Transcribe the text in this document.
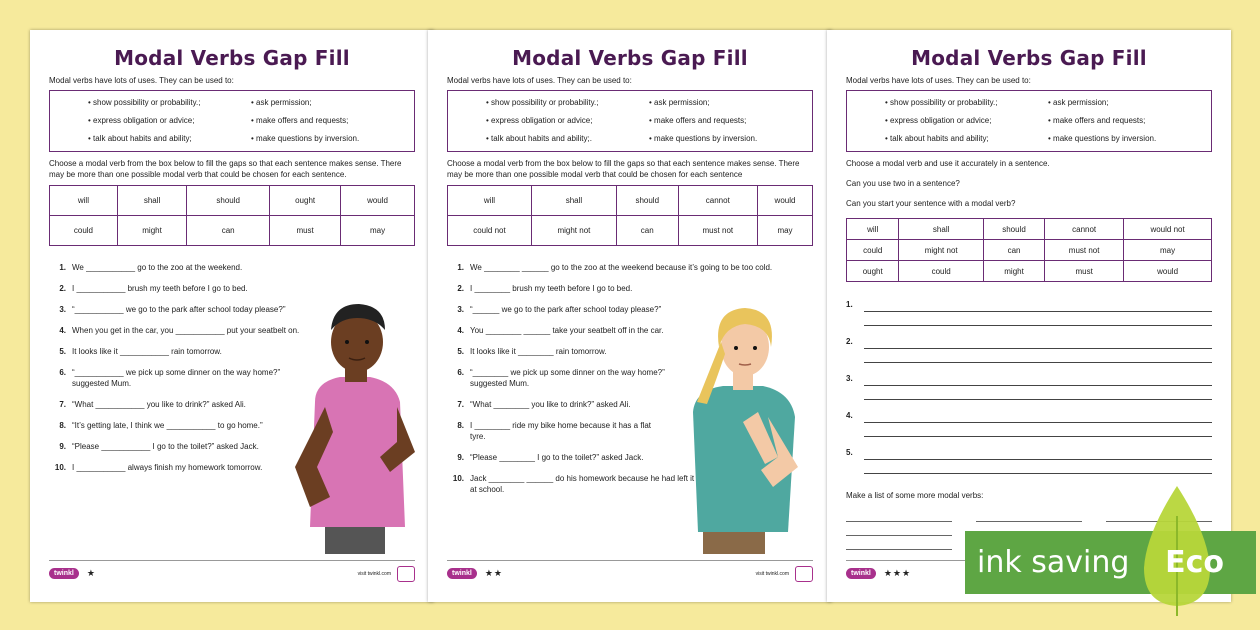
Modal Verbs Gap Fill

Modal verbs have lots of uses. They can be used to:

• show possibility or probability.;	• ask permission;
• express obligation or advice;	• make offers and requests;
• talk about habits and ability;	• make questions by inversion.

Choose a modal verb from the box below to fill the gaps so that each sentence makes sense. There may be more than one possible modal verb that could be chosen for each sentence.

will	shall	should	ought	would
could	might	can	must	may
1. We ___________ go to the zoo at the weekend.
2. I ___________ brush my teeth before I go to bed.
3. “___________ we go to the park after school today please?”
4. When you get in the car, you ___________ put your seatbelt on.
5. It looks like it ___________ rain tomorrow.
6. “___________ we pick up some dinner on the way home?” suggested Mum.
7. “What ___________ you like to drink?” asked Ali.
8. “It’s getting late, I think we ___________ to go home.”
9. “Please ___________ I go to the toilet?” asked Jack.
10. I ___________ always finish my homework tomorrow.
twinkl	★	visit twinkl.com
Modal Verbs Gap Fill

Modal verbs have lots of uses. They can be used to:

• show possibility or probability.;	• ask permission;
• express obligation or advice;	• make offers and requests;
• talk about habits and ability;.	• make questions by inversion.

Choose a modal verb from the box below to fill the gaps so that each sentence makes sense. There may be more than one possible modal verb that could be chosen for each sentence

will	shall	should	cannot	would
could not	might not	can	must not	may
1. We ________ ______ go to the zoo at the weekend because it’s going to be too cold.
2. I ________ brush my teeth before I go to bed.
3. “______ we go to the park after school today please?”
4. You ________ ______ take your seatbelt off in the car.
5. It looks like it ________ rain tomorrow.
6. “________ we pick up some dinner on the way home?” suggested Mum.
7. “What ________ you like to drink?” asked Ali.
8. I ________ ride my bike home because it has a flat tyre.
9. “Please ________ I go to the toilet?” asked Jack.
10. Jack ________ ______ do his homework because he had left it at school.
twinkl	★★	visit twinkl.com
Modal Verbs Gap Fill

Modal verbs have lots of uses. They can be used to:

• show possibility or probability.;	• ask permission;
• express obligation or advice;	• make offers and requests;
• talk about habits and ability;	• make questions by inversion.

Choose a modal verb and use it accurately in a sentence.

Can you use two in a sentence?

Can you start your sentence with a modal verb?

will	shall	should	cannot	would not
could	might not	can	must not	may
ought	could	might	must	would
1.
2.
3.
4.
5.

Make a list of some more modal verbs:

twinkl	★★★ ink saving Eco
